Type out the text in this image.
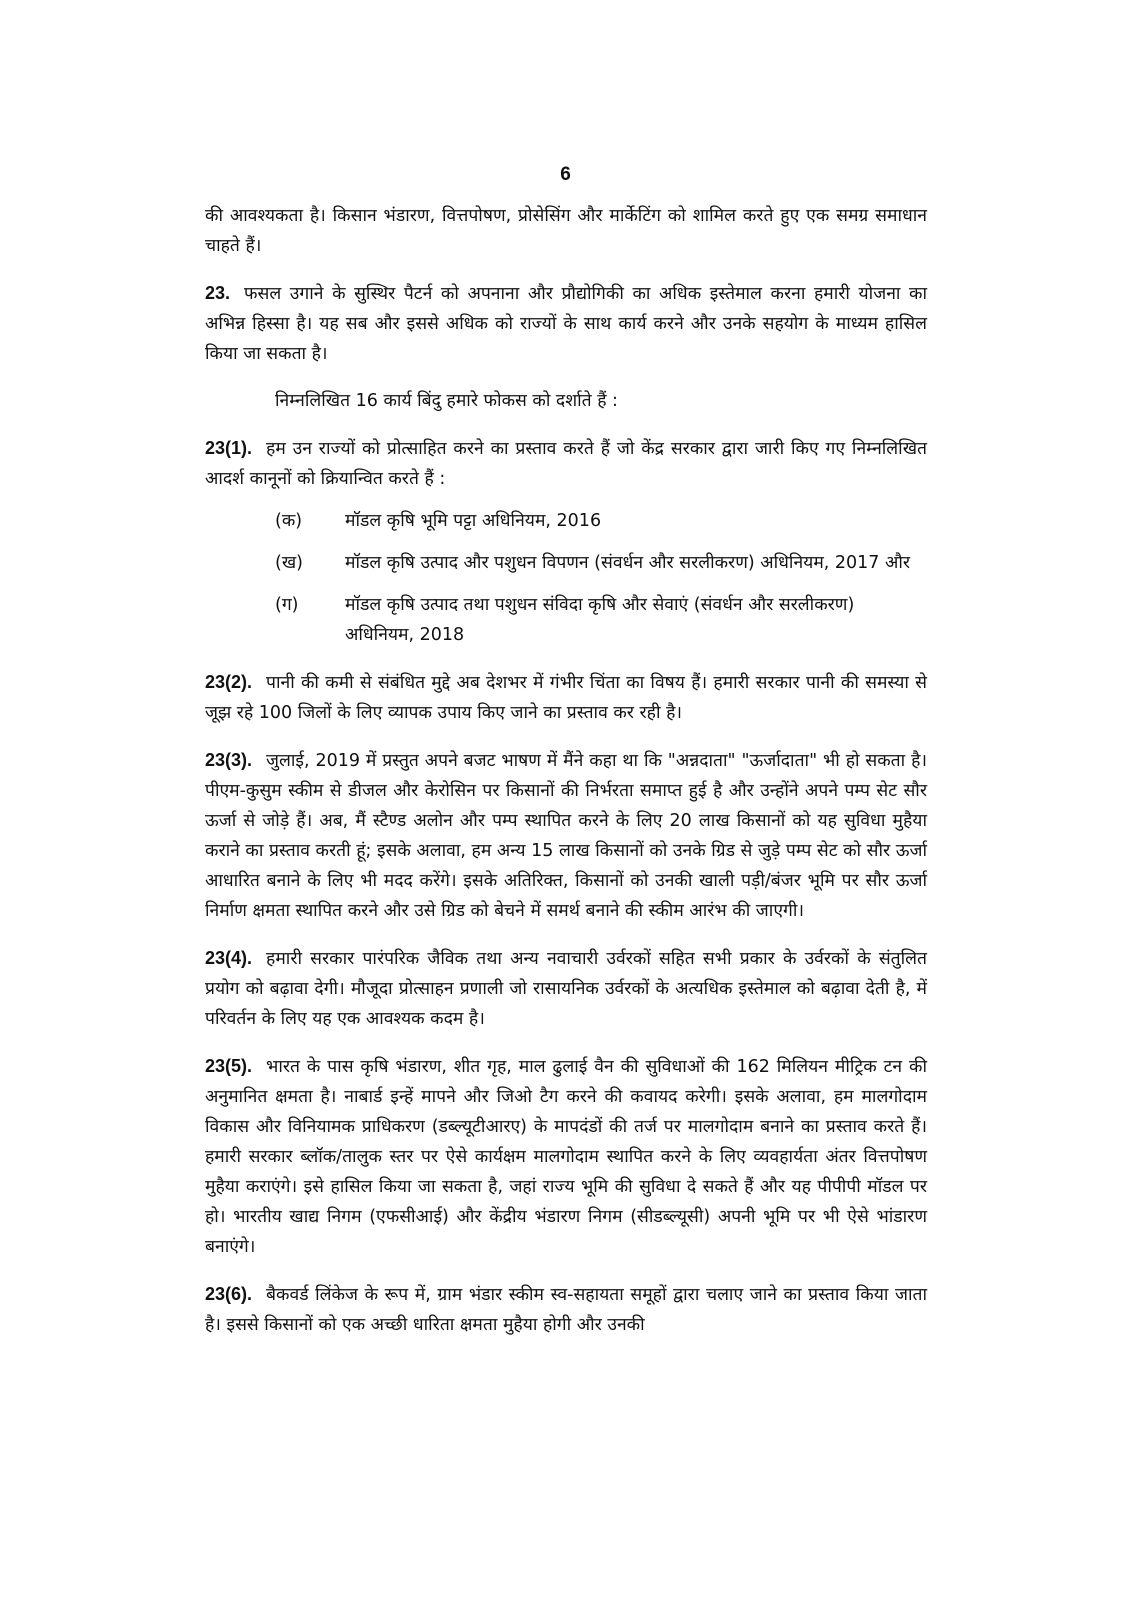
6

की आवश्यकता है। किसान भंडारण, वित्तपोषण, प्रोसेसिंग और मार्केटिंग को शामिल करते हुए एक समग्र समाधान चाहते हैं।

23. फसल उगाने के सुस्थिर पैटर्न को अपनाना और प्रौद्योगिकी का अधिक इस्तेमाल करना हमारी योजना का अभिन्न हिस्सा है। यह सब और इससे अधिक को राज्यों के साथ कार्य करने और उनके सहयोग के माध्यम हासिल किया जा सकता है।

निम्नलिखित 16 कार्य बिंदु हमारे फोकस को दर्शाते हैं :

23(1). हम उन राज्यों को प्रोत्साहित करने का प्रस्ताव करते हैं जो केंद्र सरकार द्वारा जारी किए गए निम्नलिखित आदर्श कानूनों को क्रियान्वित करते हैं :

(क)	मॉडल कृषि भूमि पट्टा अधिनियम, 2016
(ख)	मॉडल कृषि उत्पाद और पशुधन विपणन (संवर्धन और सरलीकरण) अधिनियम, 2017 और
(ग)	मॉडल कृषि उत्पाद तथा पशुधन संविदा कृषि और सेवाएं (संवर्धन और सरलीकरण) अधिनियम, 2018

23(2). पानी की कमी से संबंधित मुद्दे अब देशभर में गंभीर चिंता का विषय हैं। हमारी सरकार पानी की समस्या से जूझ रहे 100 जिलों के लिए व्यापक उपाय किए जाने का प्रस्ताव कर रही है।

23(3). जुलाई, 2019 में प्रस्तुत अपने बजट भाषण में मैंने कहा था कि "अन्नदाता" "ऊर्जादाता" भी हो सकता है। पीएम-कुसुम स्कीम से डीजल और केरोसिन पर किसानों की निर्भरता समाप्त हुई है और उन्होंने अपने पम्प सेट सौर ऊर्जा से जोड़े हैं। अब, मैं स्टैण्ड अलोन और पम्प स्थापित करने के लिए 20 लाख किसानों को यह सुविधा मुहैया कराने का प्रस्ताव करती हूं; इसके अलावा, हम अन्य 15 लाख किसानों को उनके ग्रिड से जुड़े पम्प सेट को सौर ऊर्जा आधारित बनाने के लिए भी मदद करेंगे। इसके अतिरिक्त, किसानों को उनकी खाली पड़ी/बंजर भूमि पर सौर ऊर्जा निर्माण क्षमता स्थापित करने और उसे ग्रिड को बेचने में समर्थ बनाने की स्कीम आरंभ की जाएगी।

23(4). हमारी सरकार पारंपरिक जैविक तथा अन्य नवाचारी उर्वरकों सहित सभी प्रकार के उर्वरकों के संतुलित प्रयोग को बढ़ावा देगी। मौजूदा प्रोत्साहन प्रणाली जो रासायनिक उर्वरकों के अत्यधिक इस्तेमाल को बढ़ावा देती है, में परिवर्तन के लिए यह एक आवश्यक कदम है।

23(5). भारत के पास कृषि भंडारण, शीत गृह, माल ढुलाई वैन की सुविधाओं की 162 मिलियन मीट्रिक टन की अनुमानित क्षमता है। नाबार्ड इन्हें मापने और जिओ टैग करने की कवायद करेगी। इसके अलावा, हम मालगोदाम विकास और विनियामक प्राधिकरण (डब्ल्यूटीआरए) के मापदंडों की तर्ज पर मालगोदाम बनाने का प्रस्ताव करते हैं। हमारी सरकार ब्लॉक/तालुक स्तर पर ऐसे कार्यक्षम मालगोदाम स्थापित करने के लिए व्यवहार्यता अंतर वित्तपोषण मुहैया कराएंगे। इसे हासिल किया जा सकता है, जहां राज्य भूमि की सुविधा दे सकते हैं और यह पीपीपी मॉडल पर हो। भारतीय खाद्य निगम (एफसीआई) और केंद्रीय भंडारण निगम (सीडब्ल्यूसी) अपनी भूमि पर भी ऐसे भांडारण बनाएंगे।

23(6). बैकवर्ड लिंकेज के रूप में, ग्राम भंडार स्कीम स्व-सहायता समूहों द्वारा चलाए जाने का प्रस्ताव किया जाता है। इससे किसानों को एक अच्छी धारिता क्षमता मुहैया होगी और उनकी
